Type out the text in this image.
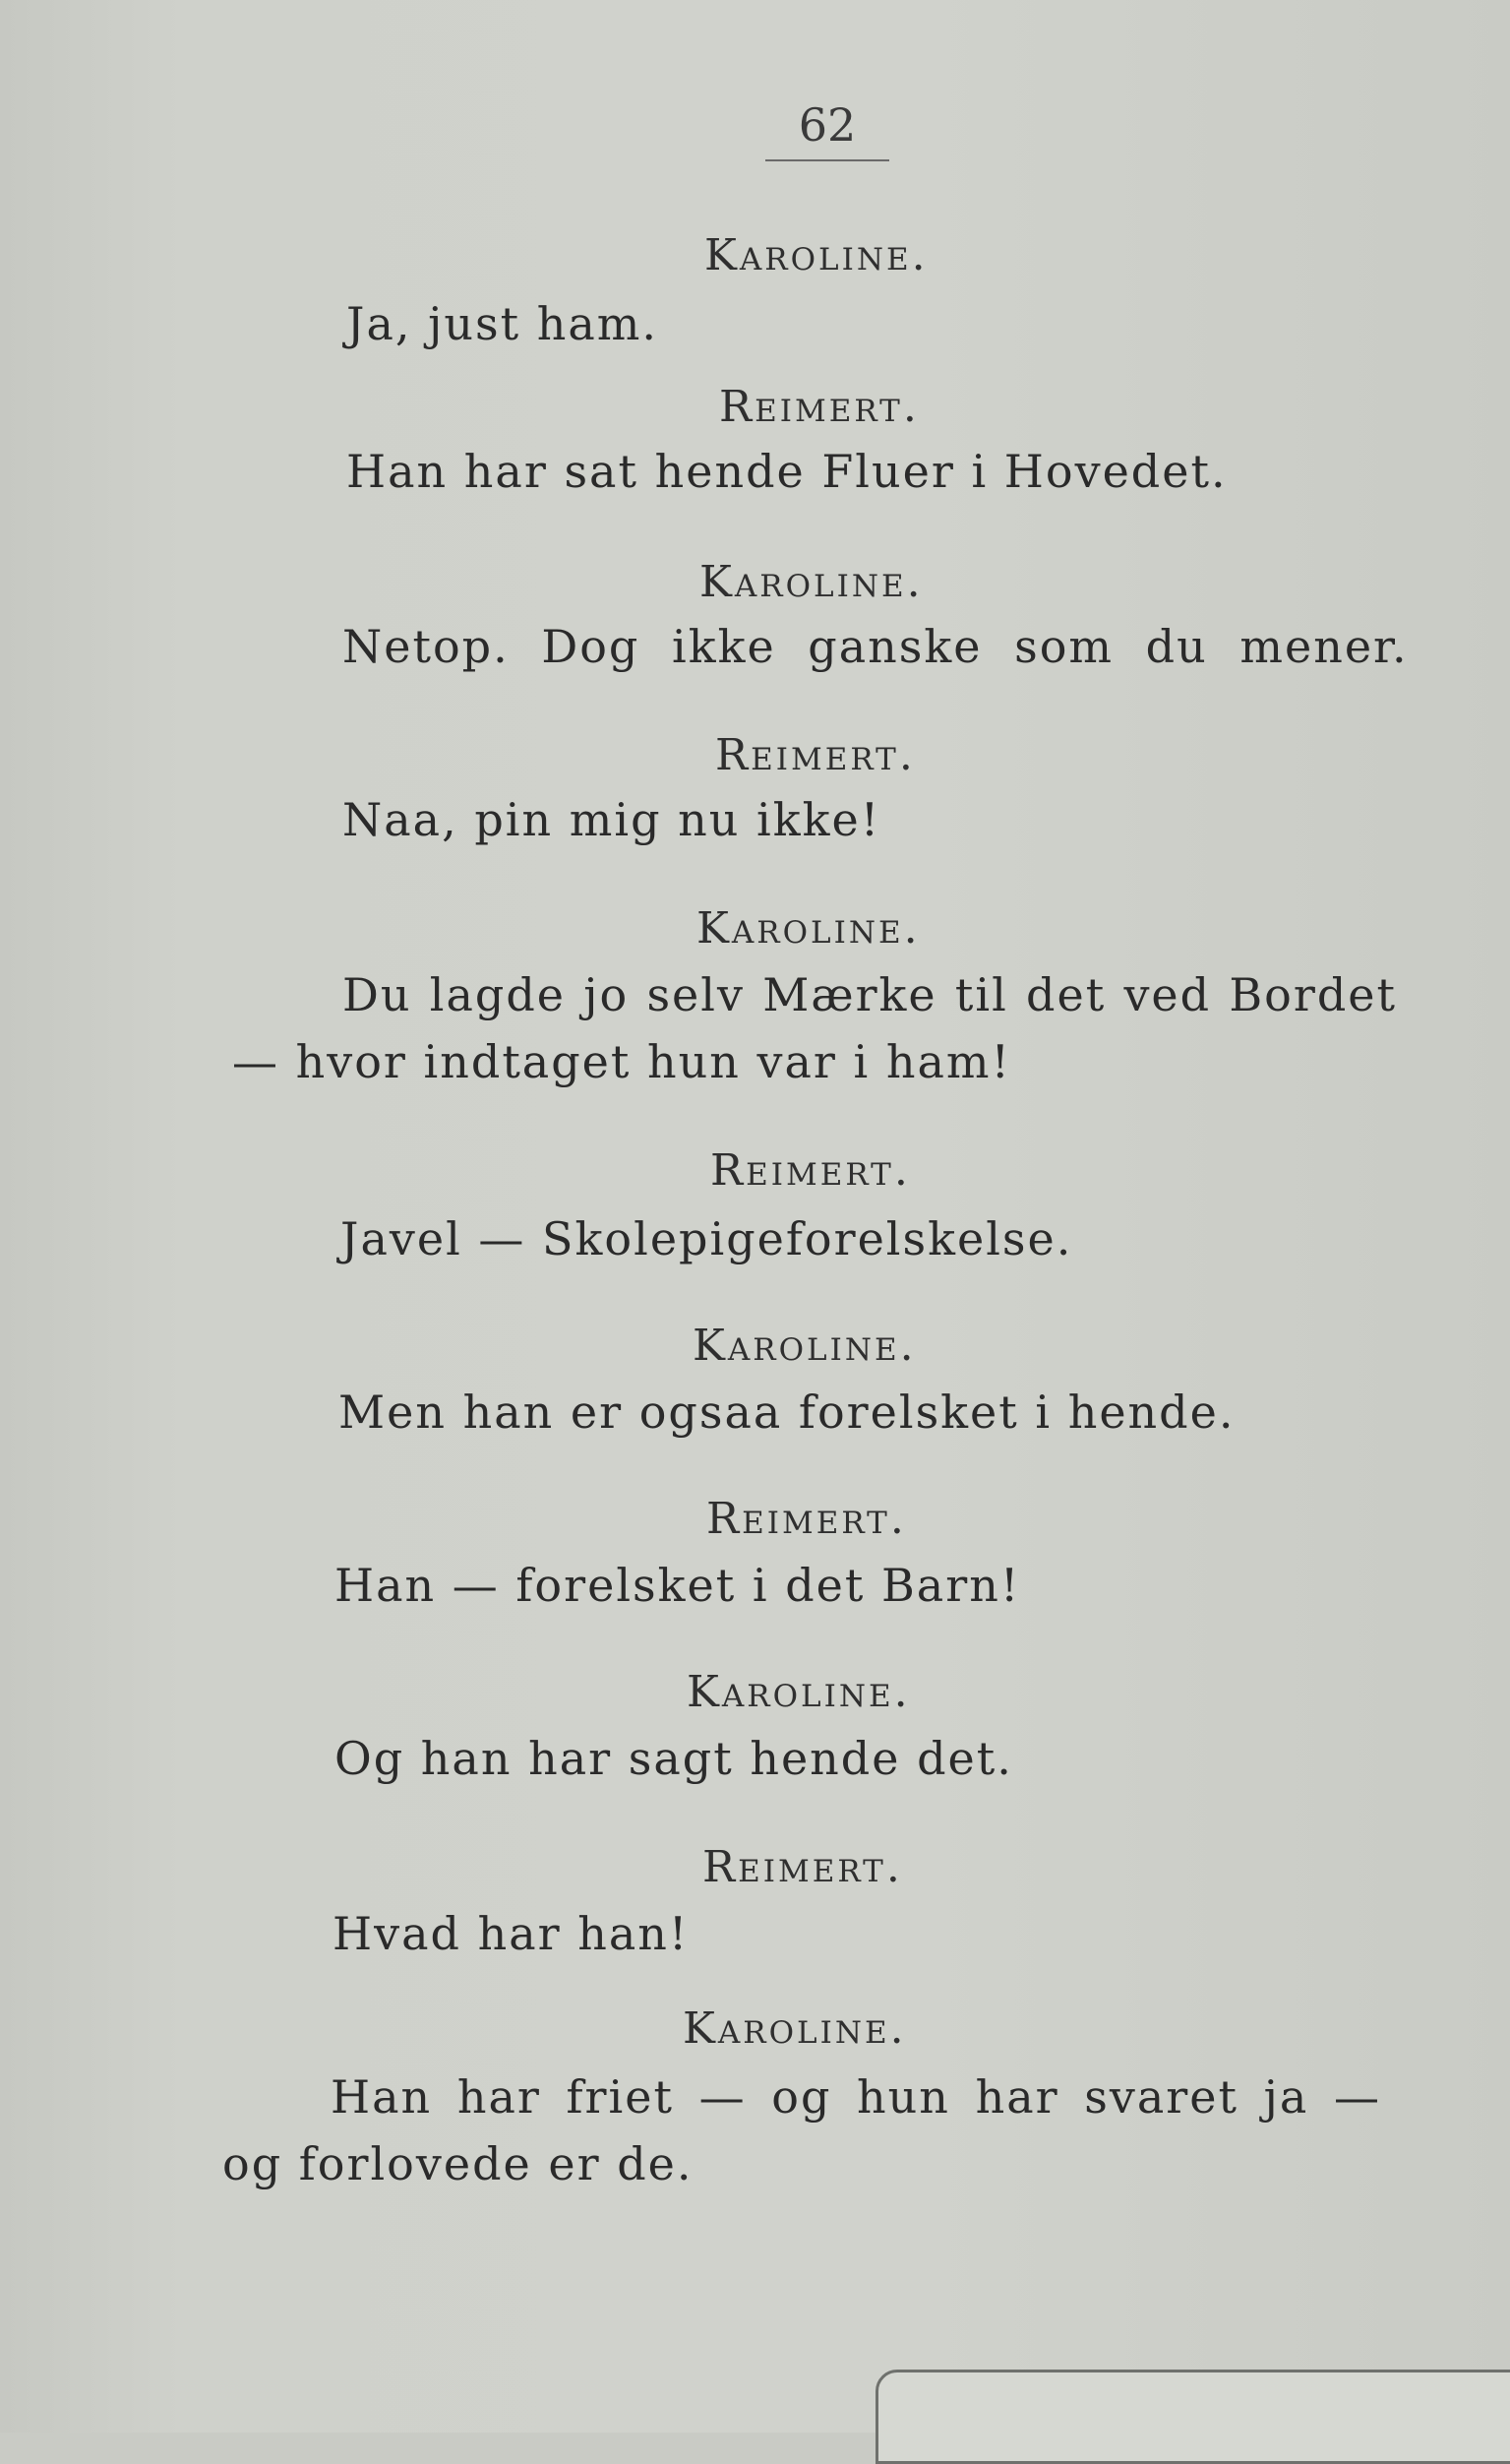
62
Karoline.
Ja, just ham.
Reimert.
Han har sat hende Fluer i Hovedet.
Karoline.
Netop. Dog ikke ganske som du mener.
Reimert.
Naa, pin mig nu ikke!
Karoline.
Du lagde jo selv Mærke til det ved Bordet
— hvor indtaget hun var i ham!
Reimert.
Javel — Skolepigeforelskelse.
Karoline.
Men han er ogsaa forelsket i hende.
Reimert.
Han — forelsket i det Barn!
Karoline.
Og han har sagt hende det.
Reimert.
Hvad har han!
Karoline.
Han har friet — og hun har svaret ja —
og forlovede er de.
